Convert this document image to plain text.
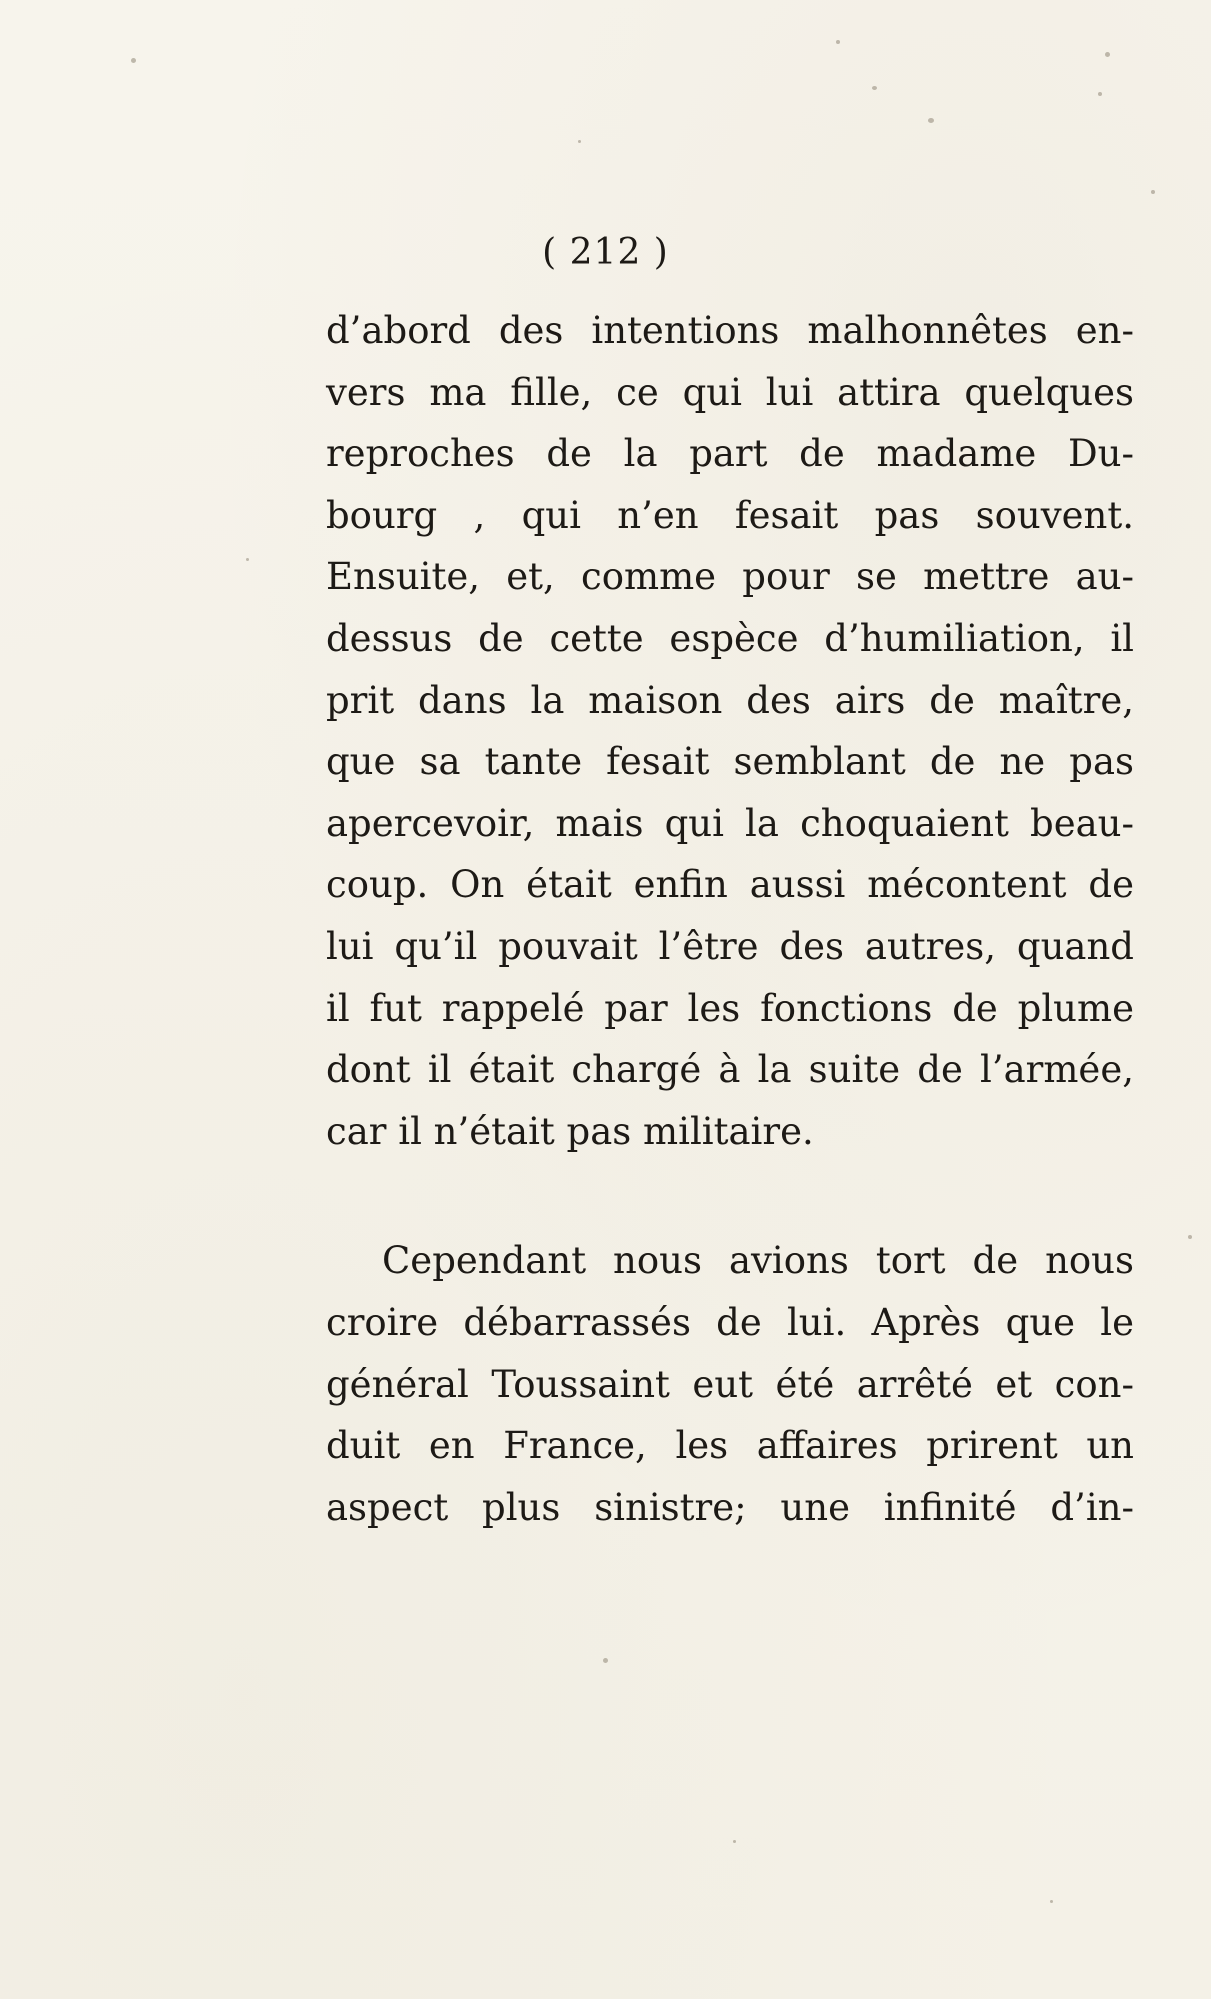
( 212 )
d’abord des intentions malhonnêtes en-
vers ma fille, ce qui lui attira quelques
reproches de la part de madame Du-
bourg , qui n’en fesait pas souvent.
Ensuite, et, comme pour se mettre au-
dessus de cette espèce d’humiliation, il
prit dans la maison des airs de maître,
que sa tante fesait semblant de ne pas
apercevoir, mais qui la choquaient beau-
coup. On était enfin aussi mécontent de
lui qu’il pouvait l’être des autres, quand
il fut rappelé par les fonctions de plume
dont il était chargé à la suite de l’armée,
car il n’était pas militaire.
Cependant nous avions tort de nous
croire débarrassés de lui. Après que le
général Toussaint eut été arrêté et con-
duit en France, les affaires prirent un
aspect plus sinistre; une infinité d’in-
